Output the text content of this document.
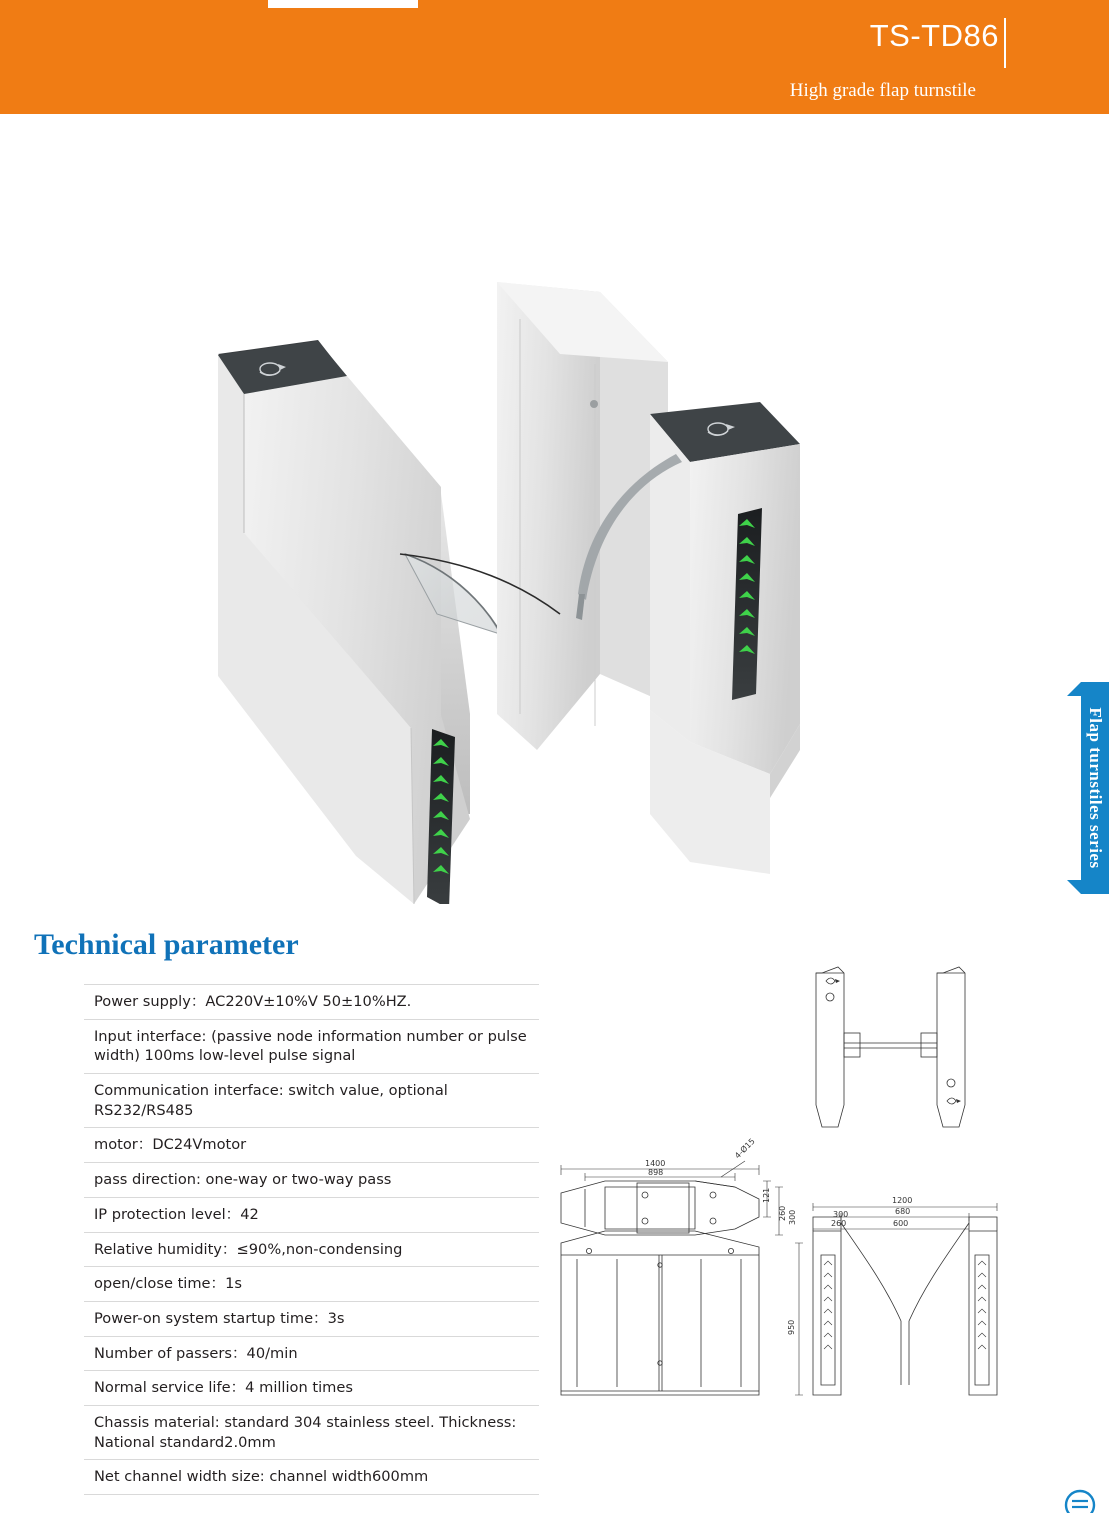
TS-TD86
High grade flap turnstile
Flap turnstiles series
Technical parameter
Power supply：AC220V±10%V 50±10%HZ.
Input interface: (passive node information number or pulse width) 100ms low-level pulse signal
Communication interface: switch value, optional RS232/RS485
motor：DC24Vmotor
pass direction: one-way or two-way pass
IP protection level：42
Relative humidity：≤90%,non-condensing
open/close time：1s
Power-on system startup time：3s
Number of passers：40/min
Normal service life：4 million times
Chassis material: standard 304 stainless steel. Thickness: National standard2.0mm
Net channel width size: channel width600mm
1400
898
4-Ø15
121
260 300
950
1200
680
300
260	600
